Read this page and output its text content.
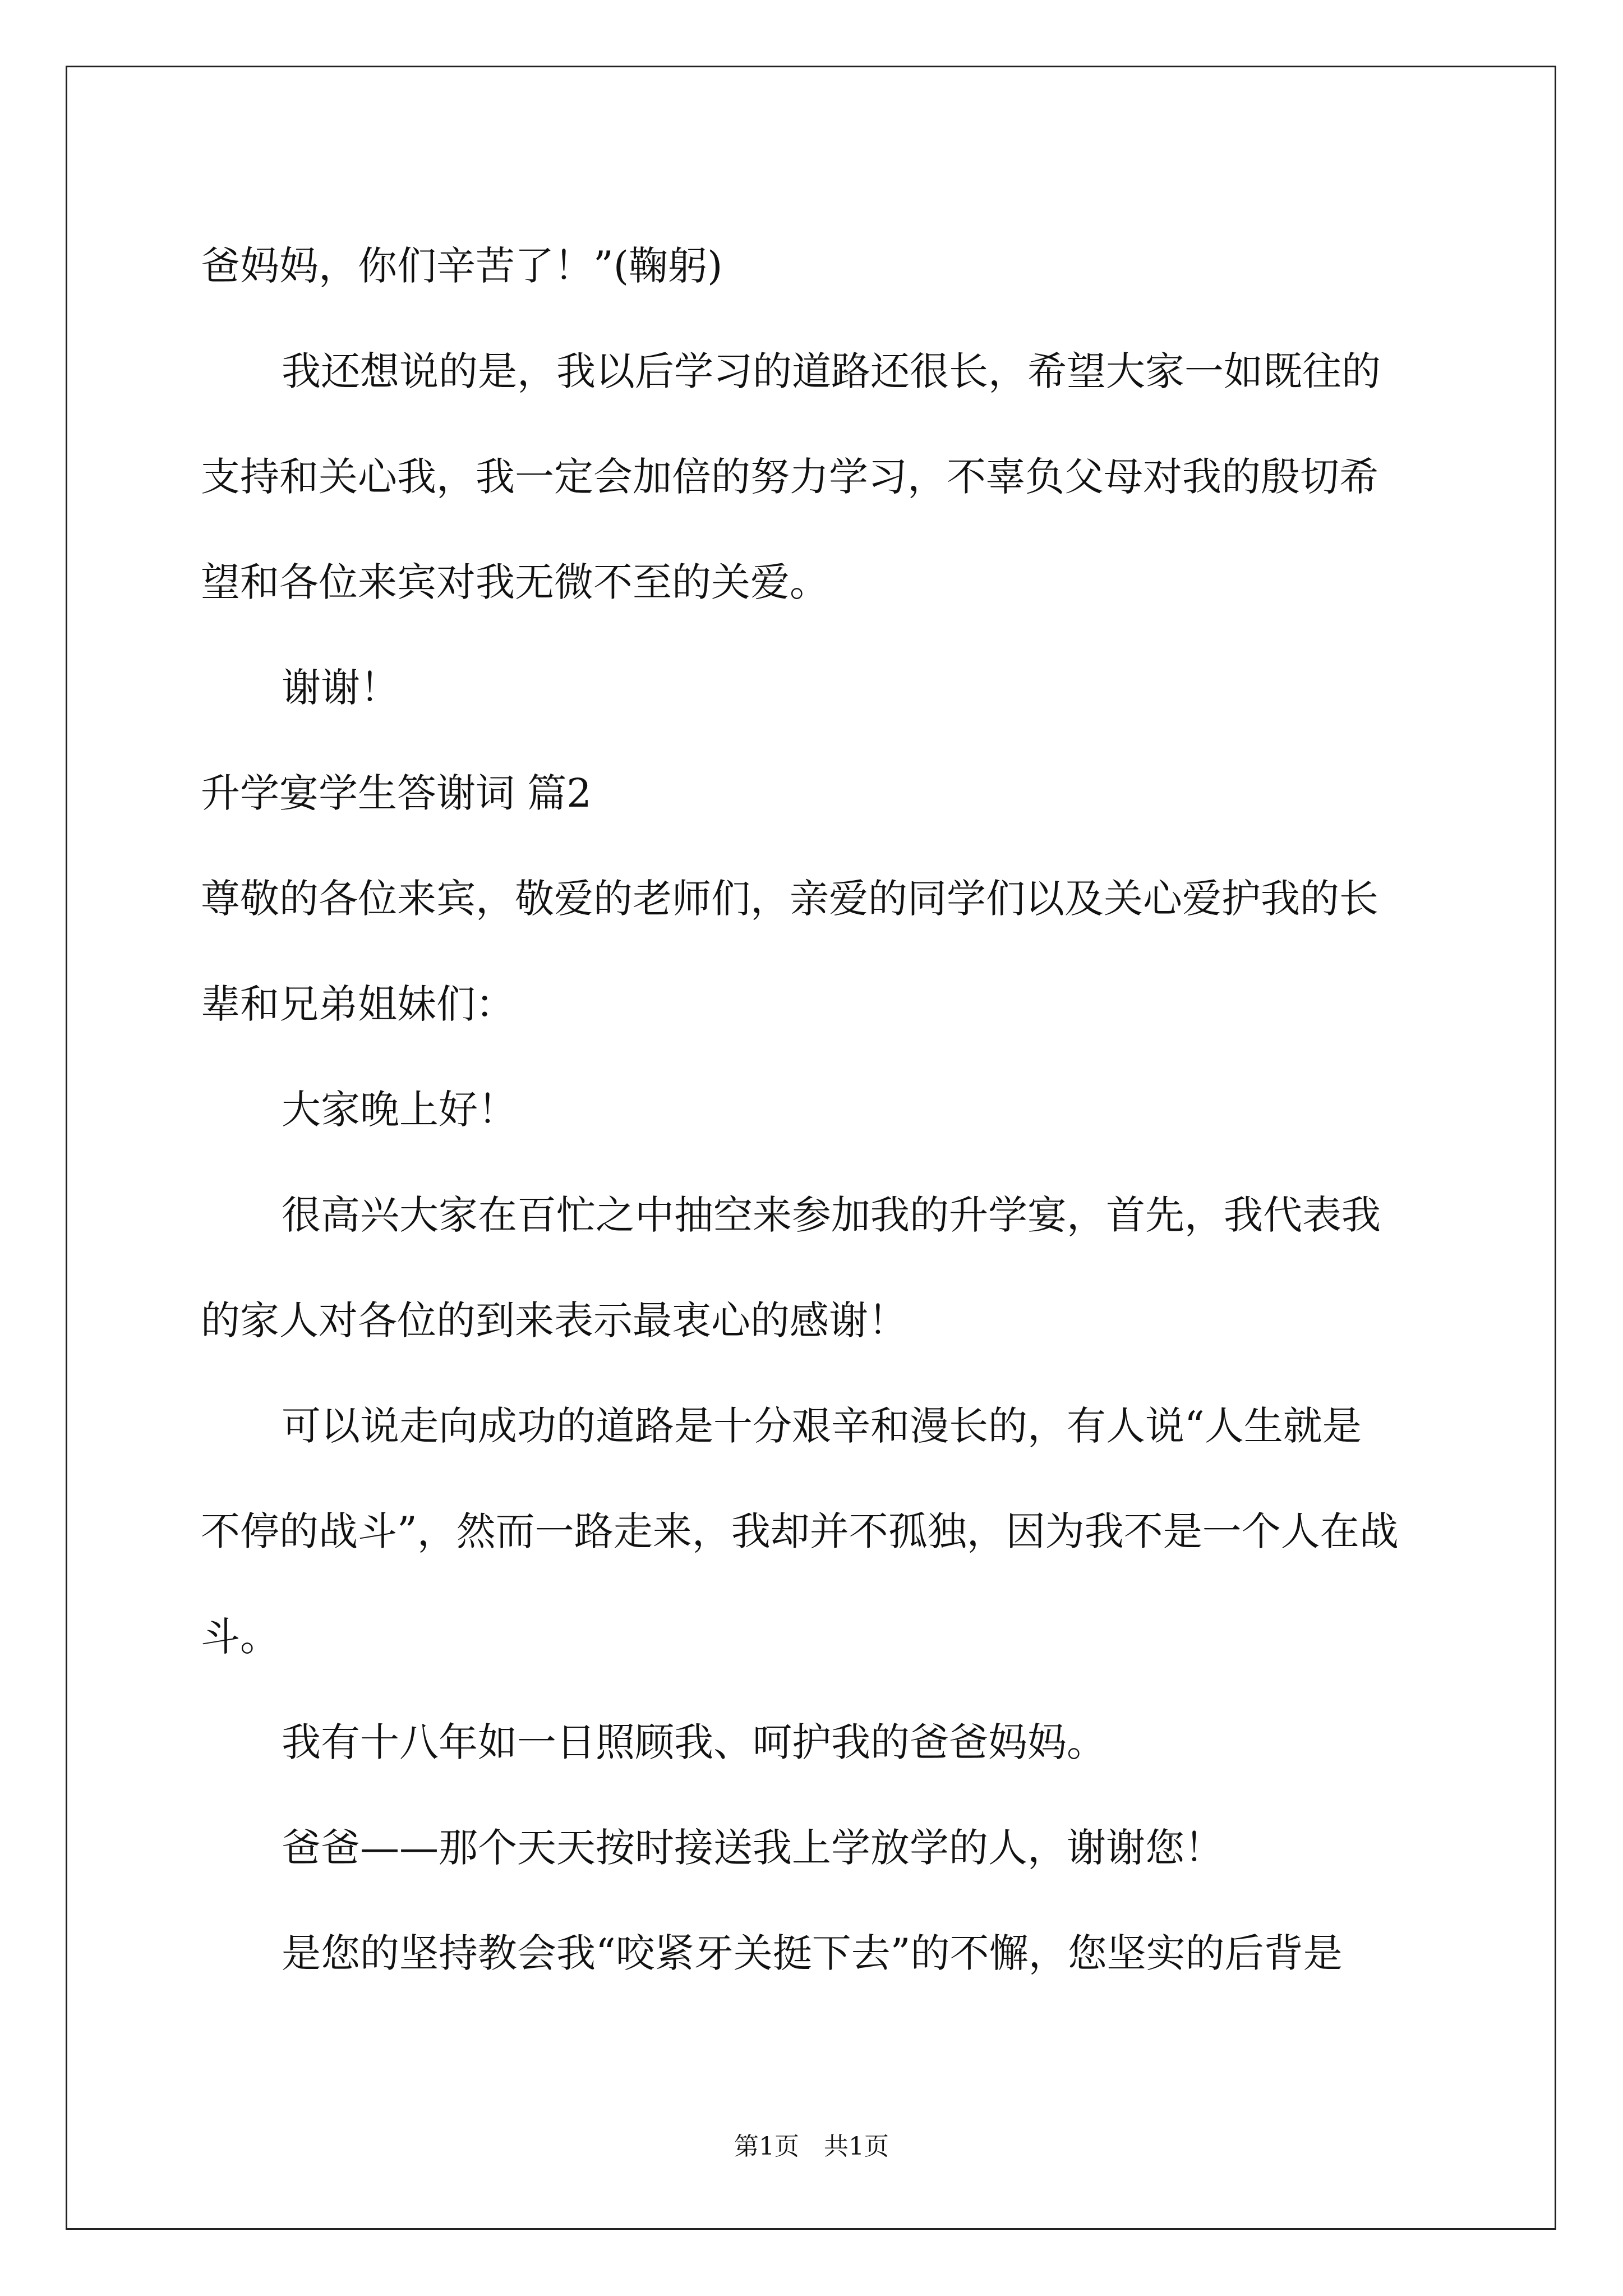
爸妈妈，你们辛苦了！”(鞠躬)

我还想说的是，我以后学习的道路还很长，希望大家一如既往的

支持和关心我，我一定会加倍的努力学习，不辜负父母对我的殷切希

望和各位来宾对我无微不至的关爱。

谢谢！

升学宴学生答谢词 篇2

尊敬的各位来宾，敬爱的老师们，亲爱的同学们以及关心爱护我的长

辈和兄弟姐妹们：

大家晚上好！

很高兴大家在百忙之中抽空来参加我的升学宴，首先，我代表我

的家人对各位的到来表示最衷心的感谢！

可以说走向成功的道路是十分艰辛和漫长的，有人说“人生就是

不停的战斗”，然而一路走来，我却并不孤独，因为我不是一个人在战

斗。

我有十八年如一日照顾我、呵护我的爸爸妈妈。

爸爸——那个天天按时接送我上学放学的人，谢谢您！

是您的坚持教会我“咬紧牙关挺下去”的不懈，您坚实的后背是

第1页　共1页
